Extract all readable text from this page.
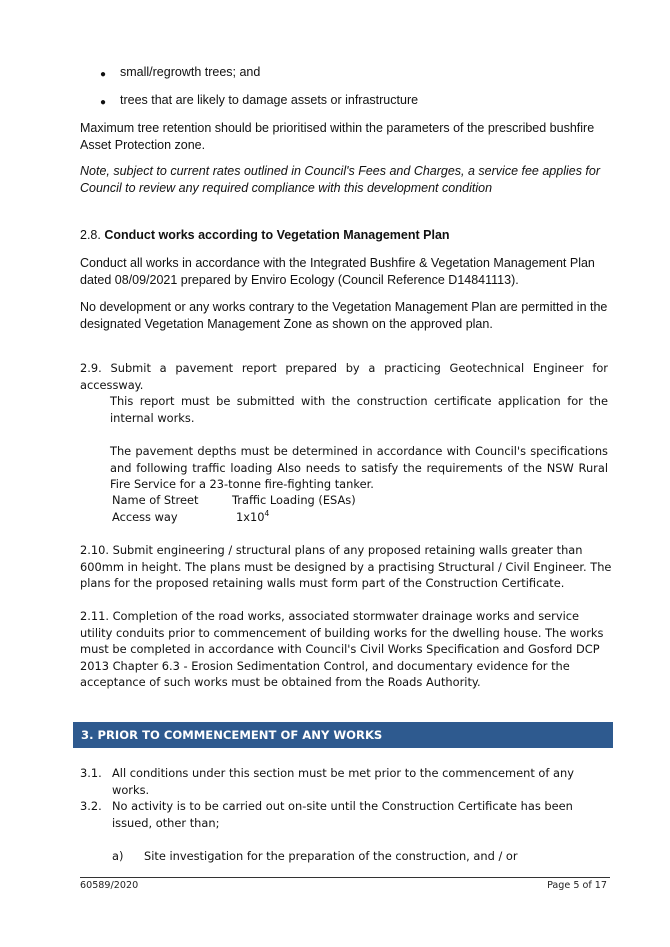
● small/regrowth trees; and
● trees that are likely to damage assets or infrastructure

Maximum tree retention should be prioritised within the parameters of the prescribed bushfire Asset Protection zone.

Note, subject to current rates outlined in Council's Fees and Charges, a service fee applies for Council to review any required compliance with this development condition

2.8. Conduct works according to Vegetation Management Plan

Conduct all works in accordance with the Integrated Bushfire & Vegetation Management Plan dated 08/09/2021 prepared by Enviro Ecology (Council Reference D14841113).

No development or any works contrary to the Vegetation Management Plan are permitted in the designated Vegetation Management Zone as shown on the approved plan.

2.9. Submit a pavement report prepared by a practicing Geotechnical Engineer for accessway.
This report must be submitted with the construction certificate application for the internal works.
The pavement depths must be determined in accordance with Council's specifications and following traffic loading Also needs to satisfy the requirements of the NSW Rural Fire Service for a 23-tonne fire-fighting tanker.
Name of Street	Traffic Loading (ESAs)
Access way	$1x10^4$

2.10. Submit engineering / structural plans of any proposed retaining walls greater than 600mm in height. The plans must be designed by a practising Structural / Civil Engineer. The plans for the proposed retaining walls must form part of the Construction Certificate.

2.11. Completion of the road works, associated stormwater drainage works and service utility conduits prior to commencement of building works for the dwelling house. The works must be completed in accordance with Council's Civil Works Specification and Gosford DCP 2013 Chapter 6.3 - Erosion Sedimentation Control, and documentary evidence for the acceptance of such works must be obtained from the Roads Authority.

3. PRIOR TO COMMENCEMENT OF ANY WORKS
3.1. All conditions under this section must be met prior to the commencement of any works.
3.2. No activity is to be carried out on-site until the Construction Certificate has been issued, other than;
a) Site investigation for the preparation of the construction, and / or
60589/2020	Page 5 of 17
